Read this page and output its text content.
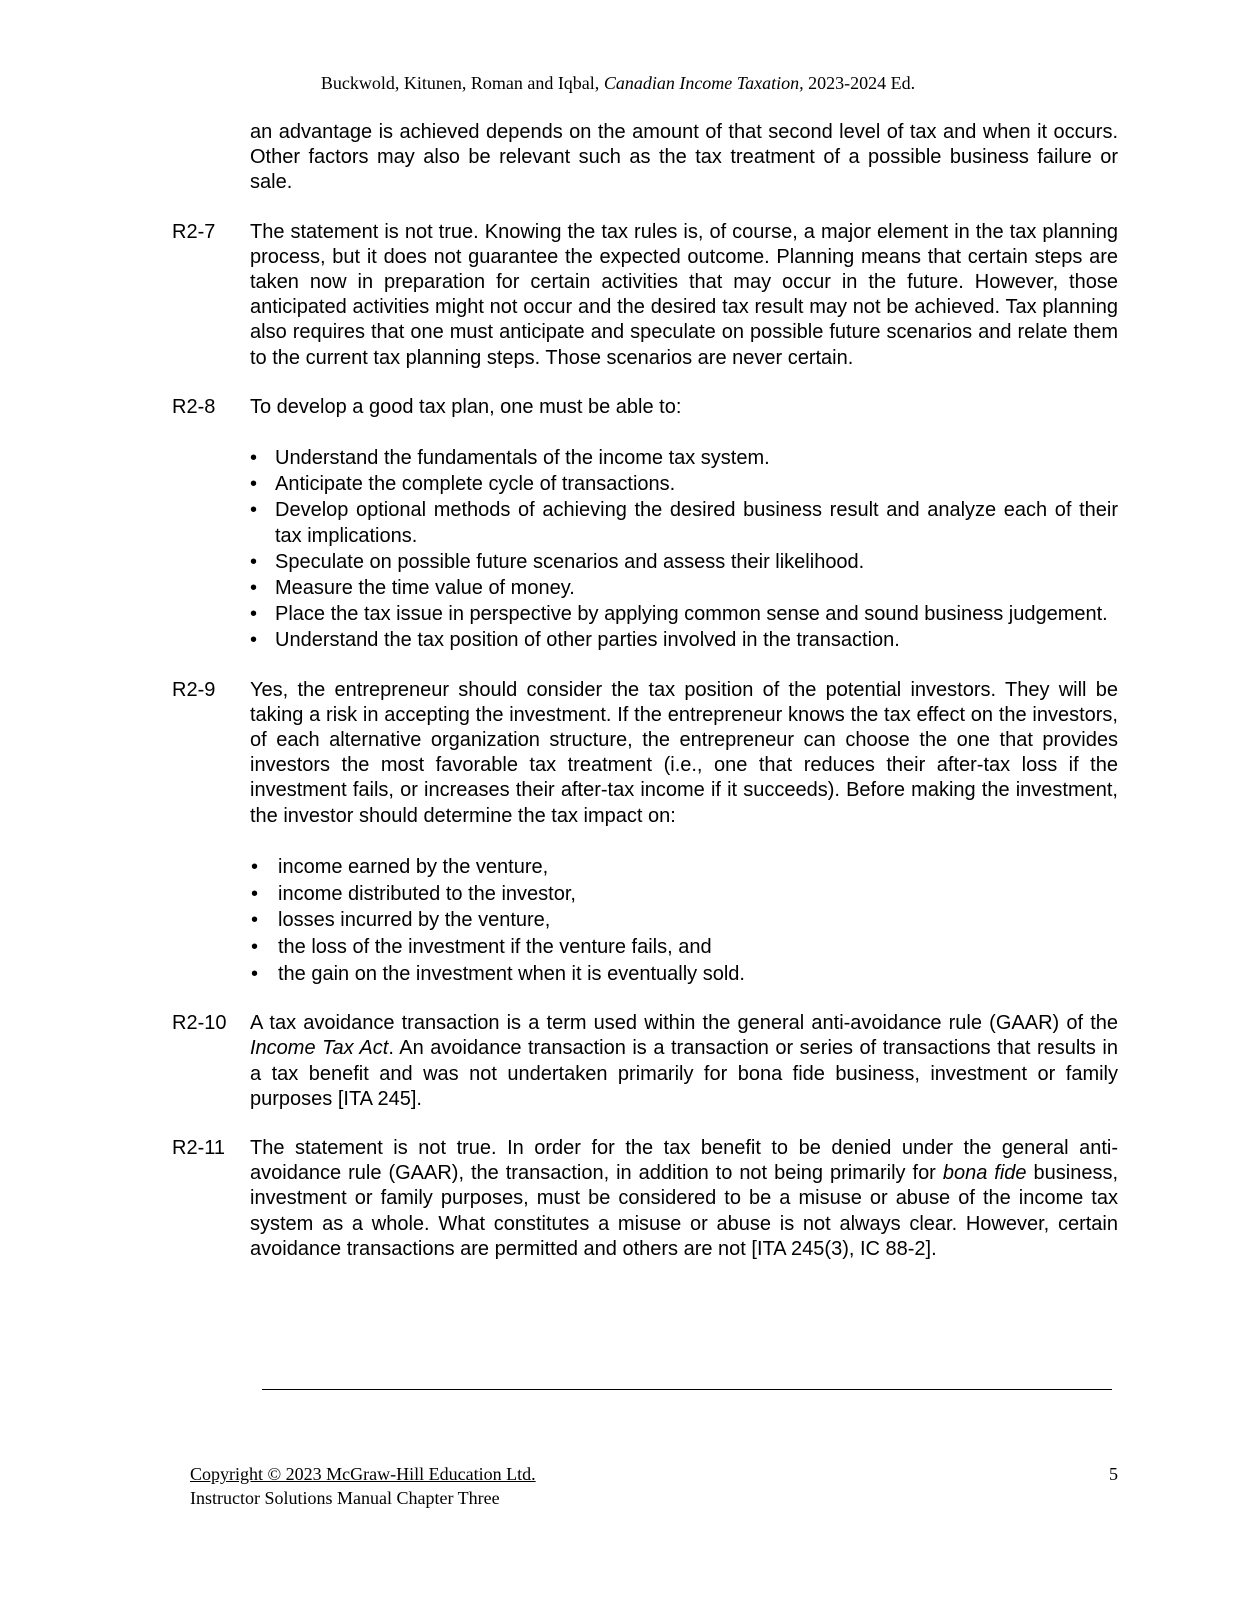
Buckwold, Kitunen, Roman and Iqbal, Canadian Income Taxation, 2023-2024 Ed.

an advantage is achieved depends on the amount of that second level of tax and when it occurs. Other factors may also be relevant such as the tax treatment of a possible business failure or sale.

R2-7 The statement is not true. Knowing the tax rules is, of course, a major element in the tax planning process, but it does not guarantee the expected outcome. Planning means that certain steps are taken now in preparation for certain activities that may occur in the future. However, those anticipated activities might not occur and the desired tax result may not be achieved. Tax planning also requires that one must anticipate and speculate on possible future scenarios and relate them to the current tax planning steps. Those scenarios are never certain.

R2-8 To develop a good tax plan, one must be able to:

• Understand the fundamentals of the income tax system.
• Anticipate the complete cycle of transactions.
• Develop optional methods of achieving the desired business result and analyze each of their tax implications.
• Speculate on possible future scenarios and assess their likelihood.
• Measure the time value of money.
• Place the tax issue in perspective by applying common sense and sound business judgement.
• Understand the tax position of other parties involved in the transaction.
R2-9 Yes, the entrepreneur should consider the tax position of the potential investors. They will be taking a risk in accepting the investment. If the entrepreneur knows the tax effect on the investors, of each alternative organization structure, the entrepreneur can choose the one that provides investors the most favorable tax treatment (i.e., one that reduces their after-tax loss if the investment fails, or increases their after-tax income if it succeeds). Before making the investment, the investor should determine the tax impact on:

• income earned by the venture,
• income distributed to the investor,
• losses incurred by the venture,
• the loss of the investment if the venture fails, and
• the gain on the investment when it is eventually sold.
R2-10 A tax avoidance transaction is a term used within the general anti-avoidance rule (GAAR) of the Income Tax Act. An avoidance transaction is a transaction or series of transactions that results in a tax benefit and was not undertaken primarily for bona fide business, investment or family purposes [ITA 245].

R2-11 The statement is not true. In order for the tax benefit to be denied under the general anti-avoidance rule (GAAR), the transaction, in addition to not being primarily for bona fide business, investment or family purposes, must be considered to be a misuse or abuse of the income tax system as a whole. What constitutes a misuse or abuse is not always clear. However, certain avoidance transactions are permitted and others are not [ITA 245(3), IC 88-2].

Copyright © 2023 McGraw-Hill Education Ltd.
Instructor Solutions Manual Chapter Three
5
